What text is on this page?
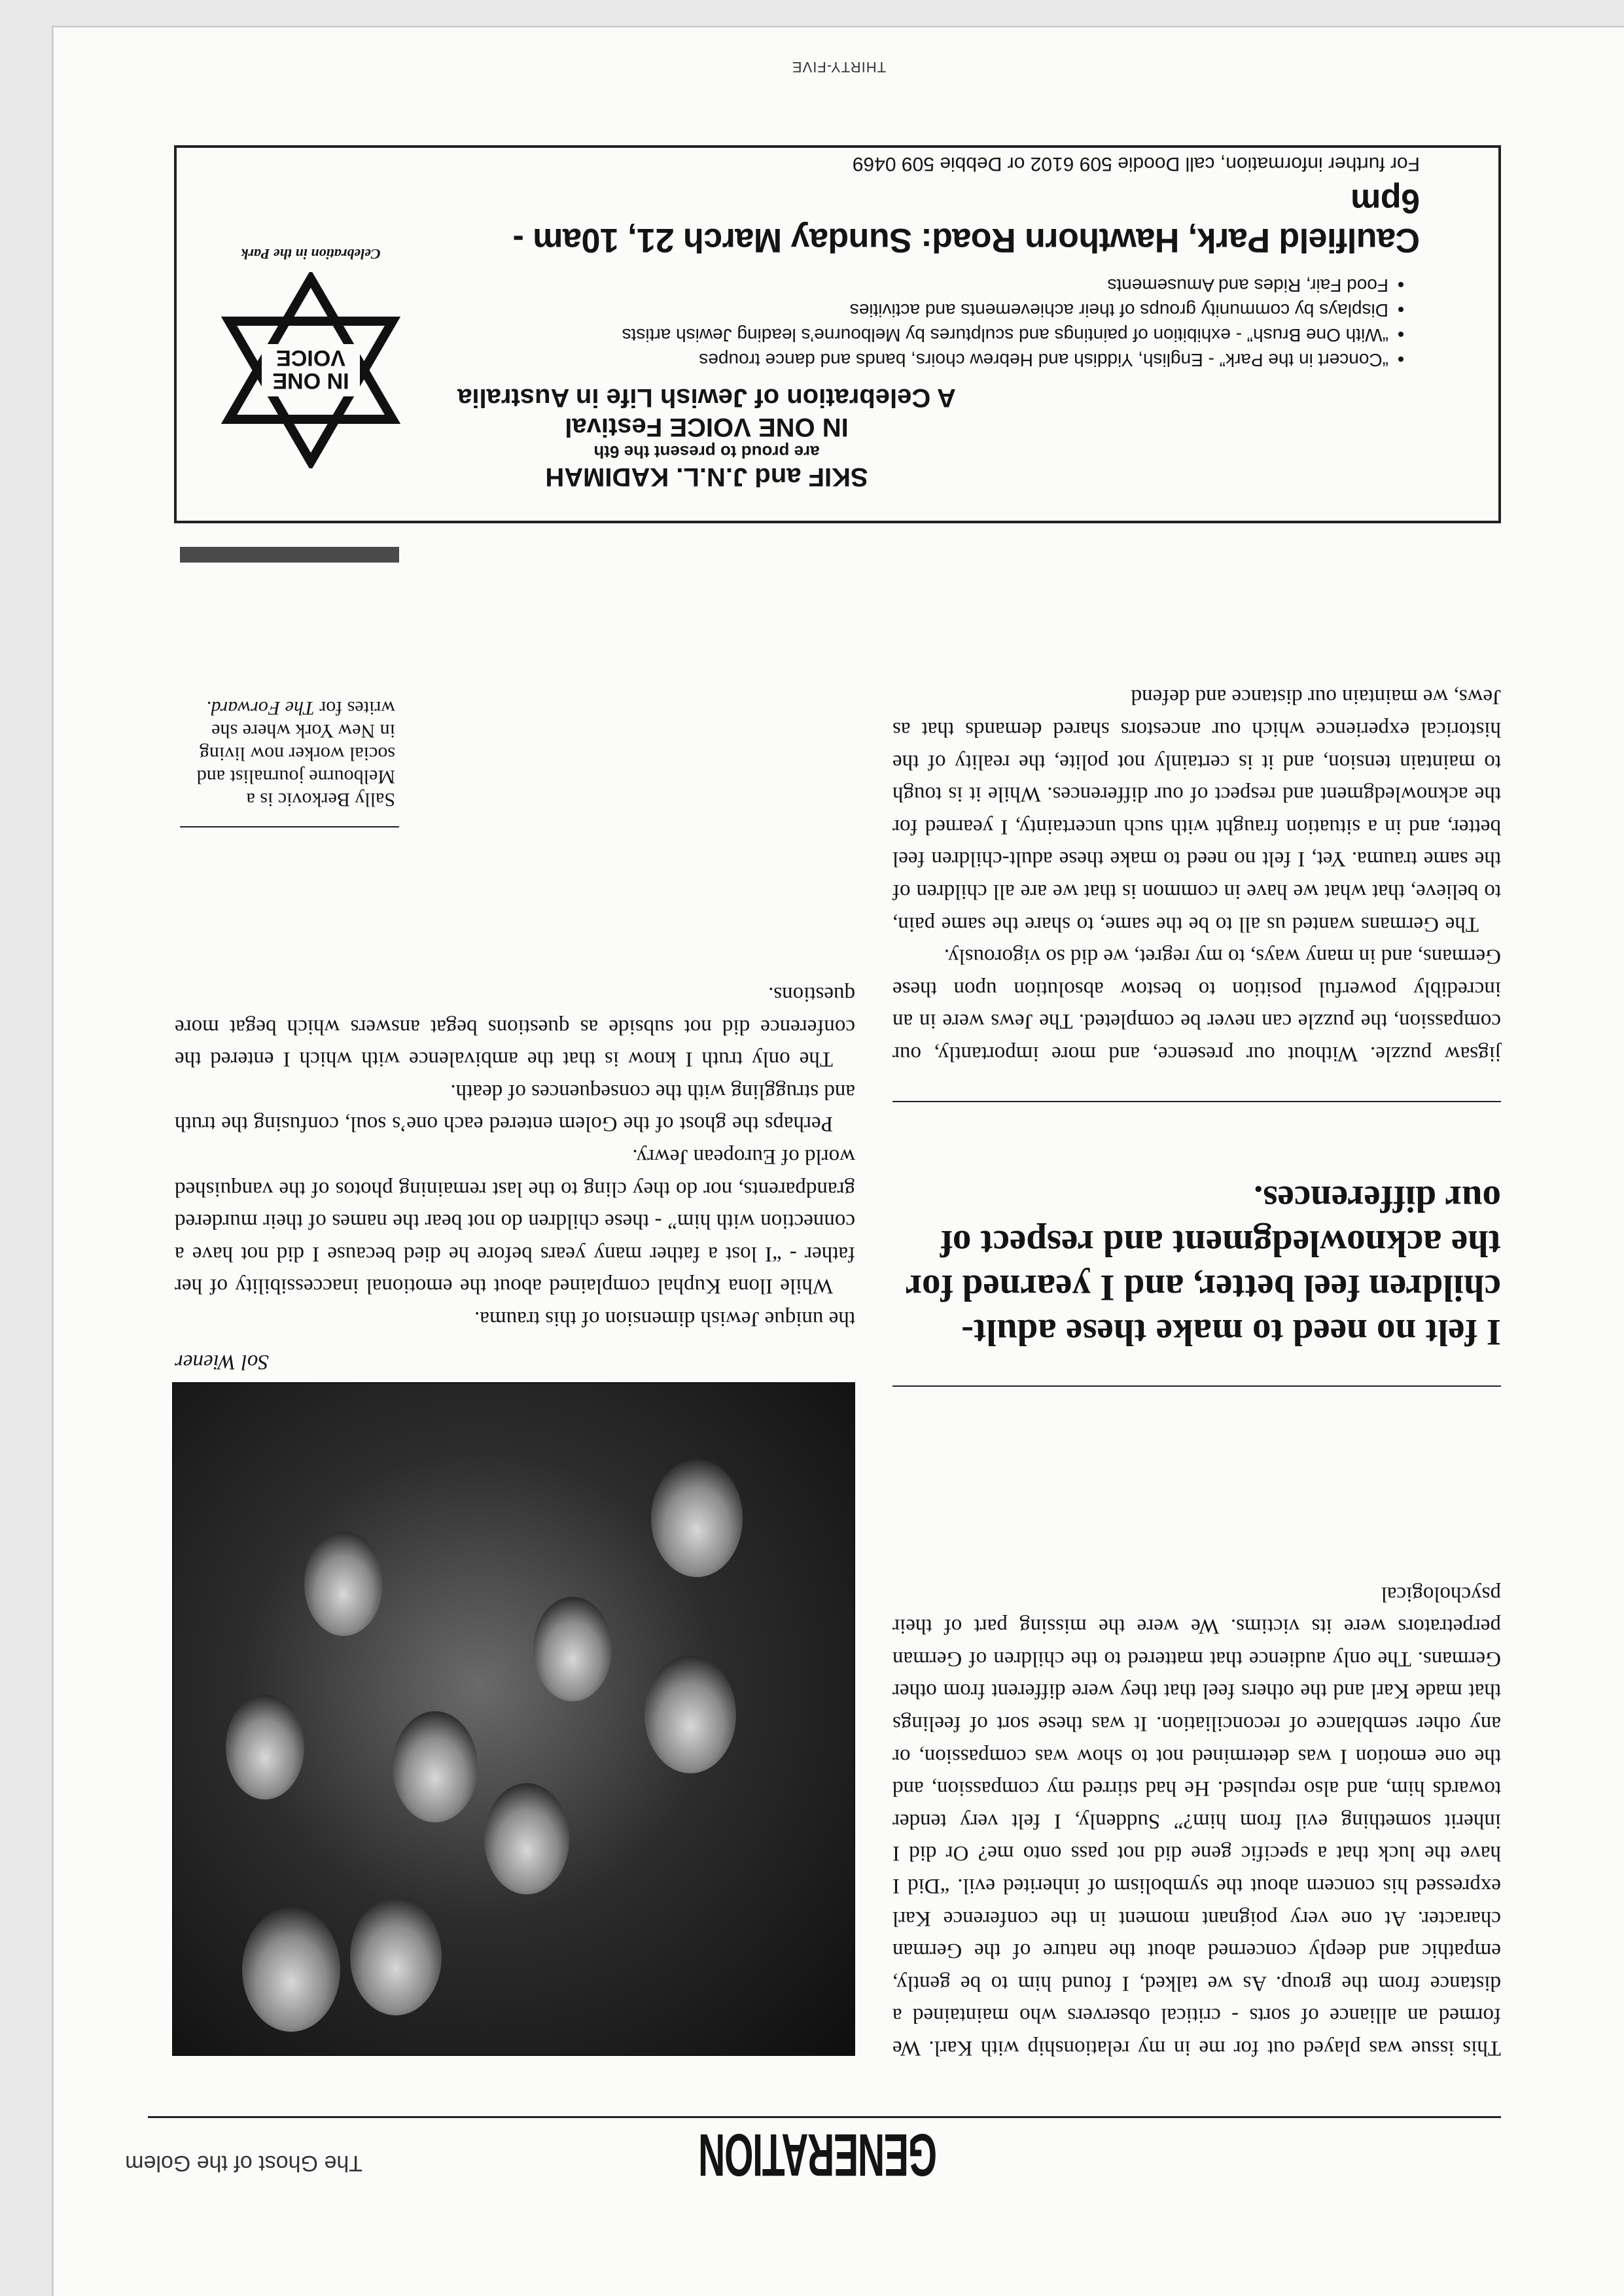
GENERATION
The Ghost of the Golem

This issue was played out for me in my relationship with Karl. We formed an alliance of sorts - critical observers who maintained a distance from the group. As we talked, I found him to be gently, empathic and deeply concerned about the nature of the German character. At one very poignant moment in the conference Karl expressed his concern about the symbolism of inherited evil. “Did I have the luck that a specific gene did not pass onto me? Or did I inherit something evil from him?” Suddenly, I felt very tender towards him, and also repulsed. He had stirred my compassion, and the one emotion I was determined not to show was compassion, or any other semblance of reconciliation. It was these sort of feelings that made Karl and the others feel that they were different from other Germans. The only audience that mattered to the children of German perpetrators were its victims. We were the missing part of their psychological

I felt no need to make these adult-children feel better, and I yearned for the acknowledgment and respect of our differences.

jigsaw puzzle. Without our presence, and more importantly, our compassion, the puzzle can never be completed. The Jews were in an incredibly powerful position to bestow absolution upon these Germans, and in many ways, to my regret, we did so vigorously.

The Germans wanted us all to be the same, to share the same pain, to believe, that what we have in common is that we are all children of the same trauma. Yet, I felt no need to make these adult-children feel better, and in a situation fraught with such uncertainty, I yearned for the acknowledgment and respect of our differences. While it is tough to maintain tension, and it is certainly not polite, the reality of the historical experience which our ancestors shared demands that as Jews, we maintain our distance and defend

Sol Wiener

the unique Jewish dimension of this trauma.

While Ilona Kuphal complained about the emotional inaccessibility of her father - “I lost a father many years before he died because I did not have a connection with him” - these children do not bear the names of their murdered grandparents, nor do they cling to the last remaining photos of the vanquished world of European Jewry.

Perhaps the ghost of the Golem entered each one’s soul, confusing the truth and struggling with the consequences of death.

The only truth I know is that the ambivalence with which I entered the conference did not subside as questions begat answers which begat more questions.

Sally Berkovic is a Melbourne journalist and social worker now living in New York where she writes for The Forward.
IN ONE
VOICE
Celebration in the Park
SKIF and J.N.L. KADIMAH
are proud to present the 6th
IN ONE VOICE Festival
A Celebration of Jewish Life in Australia
• “Concert in the Park” - English, Yiddish and Hebrew choirs, bands and dance troupes
• “With One Brush” - exhibition of paintings and sculptures by Melbourne’s leading Jewish artists
• Displays by community groups of their achievements and activities
• Food Fair, Rides and Amusements
Caulfield Park, Hawthorn Road: Sunday March 21, 10am - 6pm
For further information, call Doodie 509 6102 or Debbie 509 0469
THIRTY-FIVE
